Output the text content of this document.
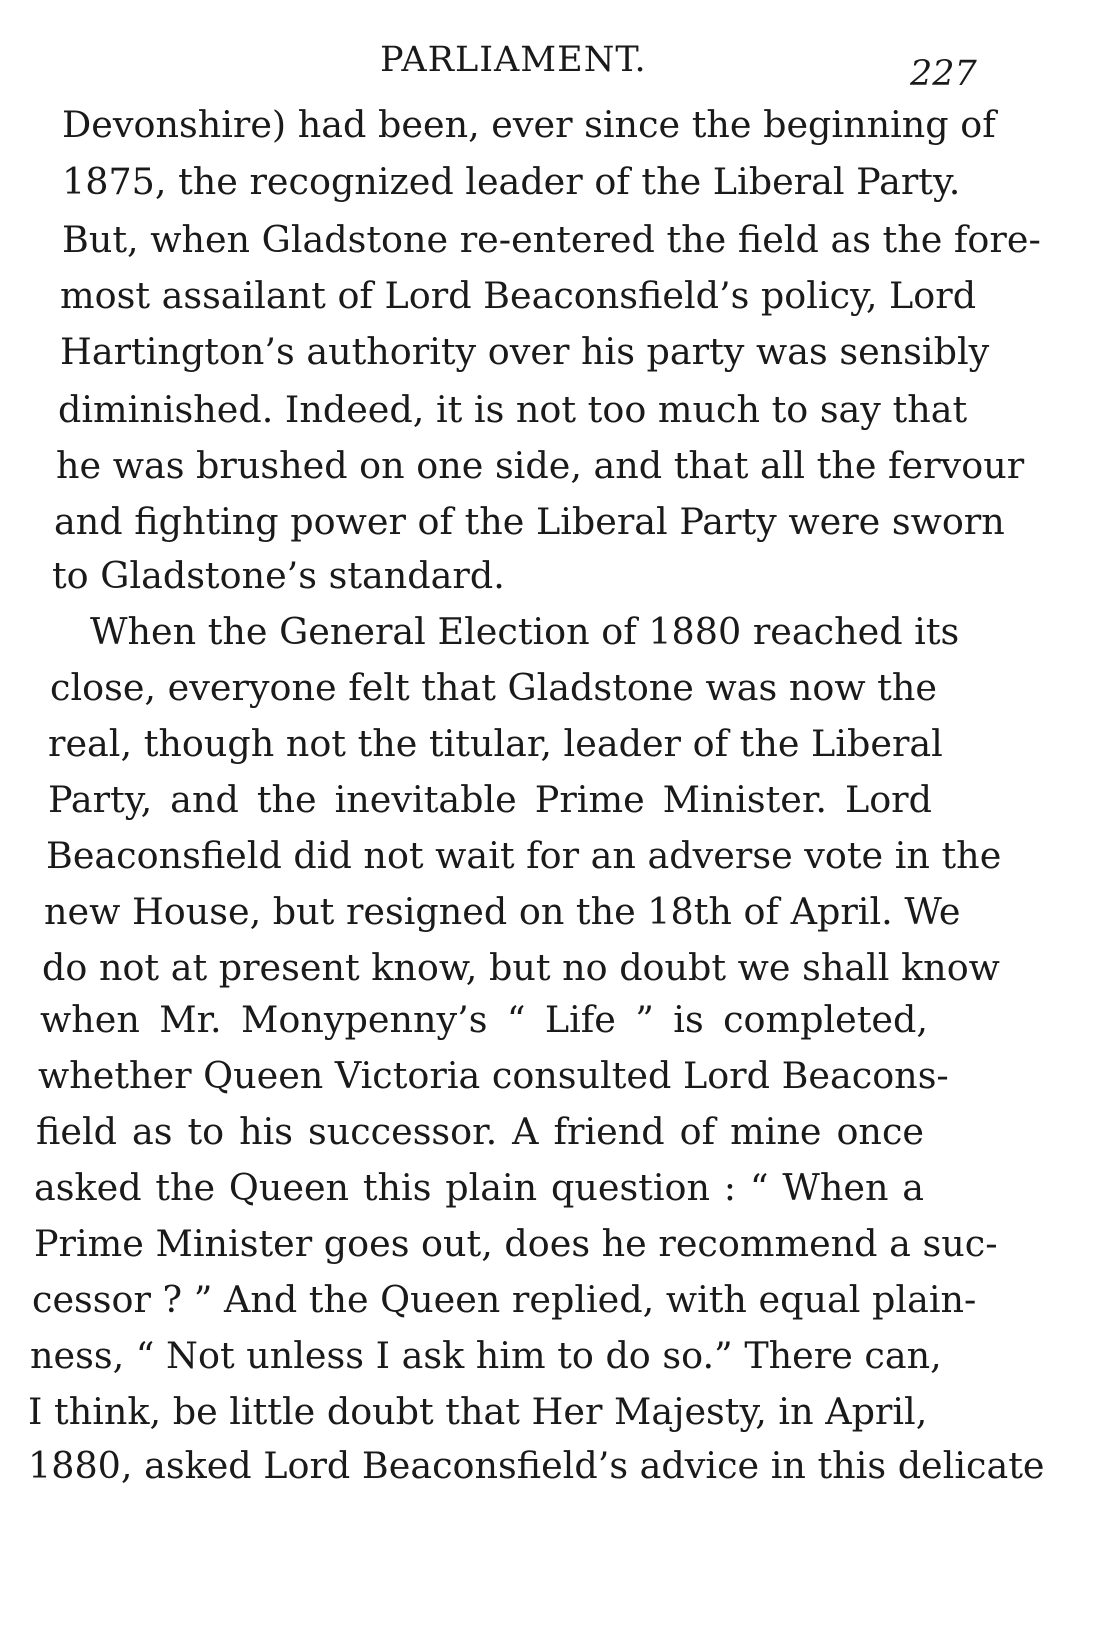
PARLIAMENT.	227
Devonshire) had been, ever since the beginning of
1875, the recognized leader of the Liberal Party.
But, when Gladstone re-entered the field as the fore-
most assailant of Lord Beaconsfield’s policy, Lord
Hartington’s authority over his party was sensibly
diminished. Indeed, it is not too much to say that
he was brushed on one side, and that all the fervour
and fighting power of the Liberal Party were sworn
to Gladstone’s standard.
When the General Election of 1880 reached its
close, everyone felt that Gladstone was now the
real, though not the titular, leader of the Liberal
Party, and the inevitable Prime Minister. Lord
Beaconsfield did not wait for an adverse vote in the
new House, but resigned on the 18th of April. We
do not at present know, but no doubt we shall know
when Mr. Monypenny’s “ Life ” is completed,
whether Queen Victoria consulted Lord Beacons-
field as to his successor. A friend of mine once
asked the Queen this plain question : “ When a
Prime Minister goes out, does he recommend a suc-
cessor ? ” And the Queen replied, with equal plain-
ness, “ Not unless I ask him to do so.” There can,
I think, be little doubt that Her Majesty, in April,
1880, asked Lord Beaconsfield’s advice in this delicate
